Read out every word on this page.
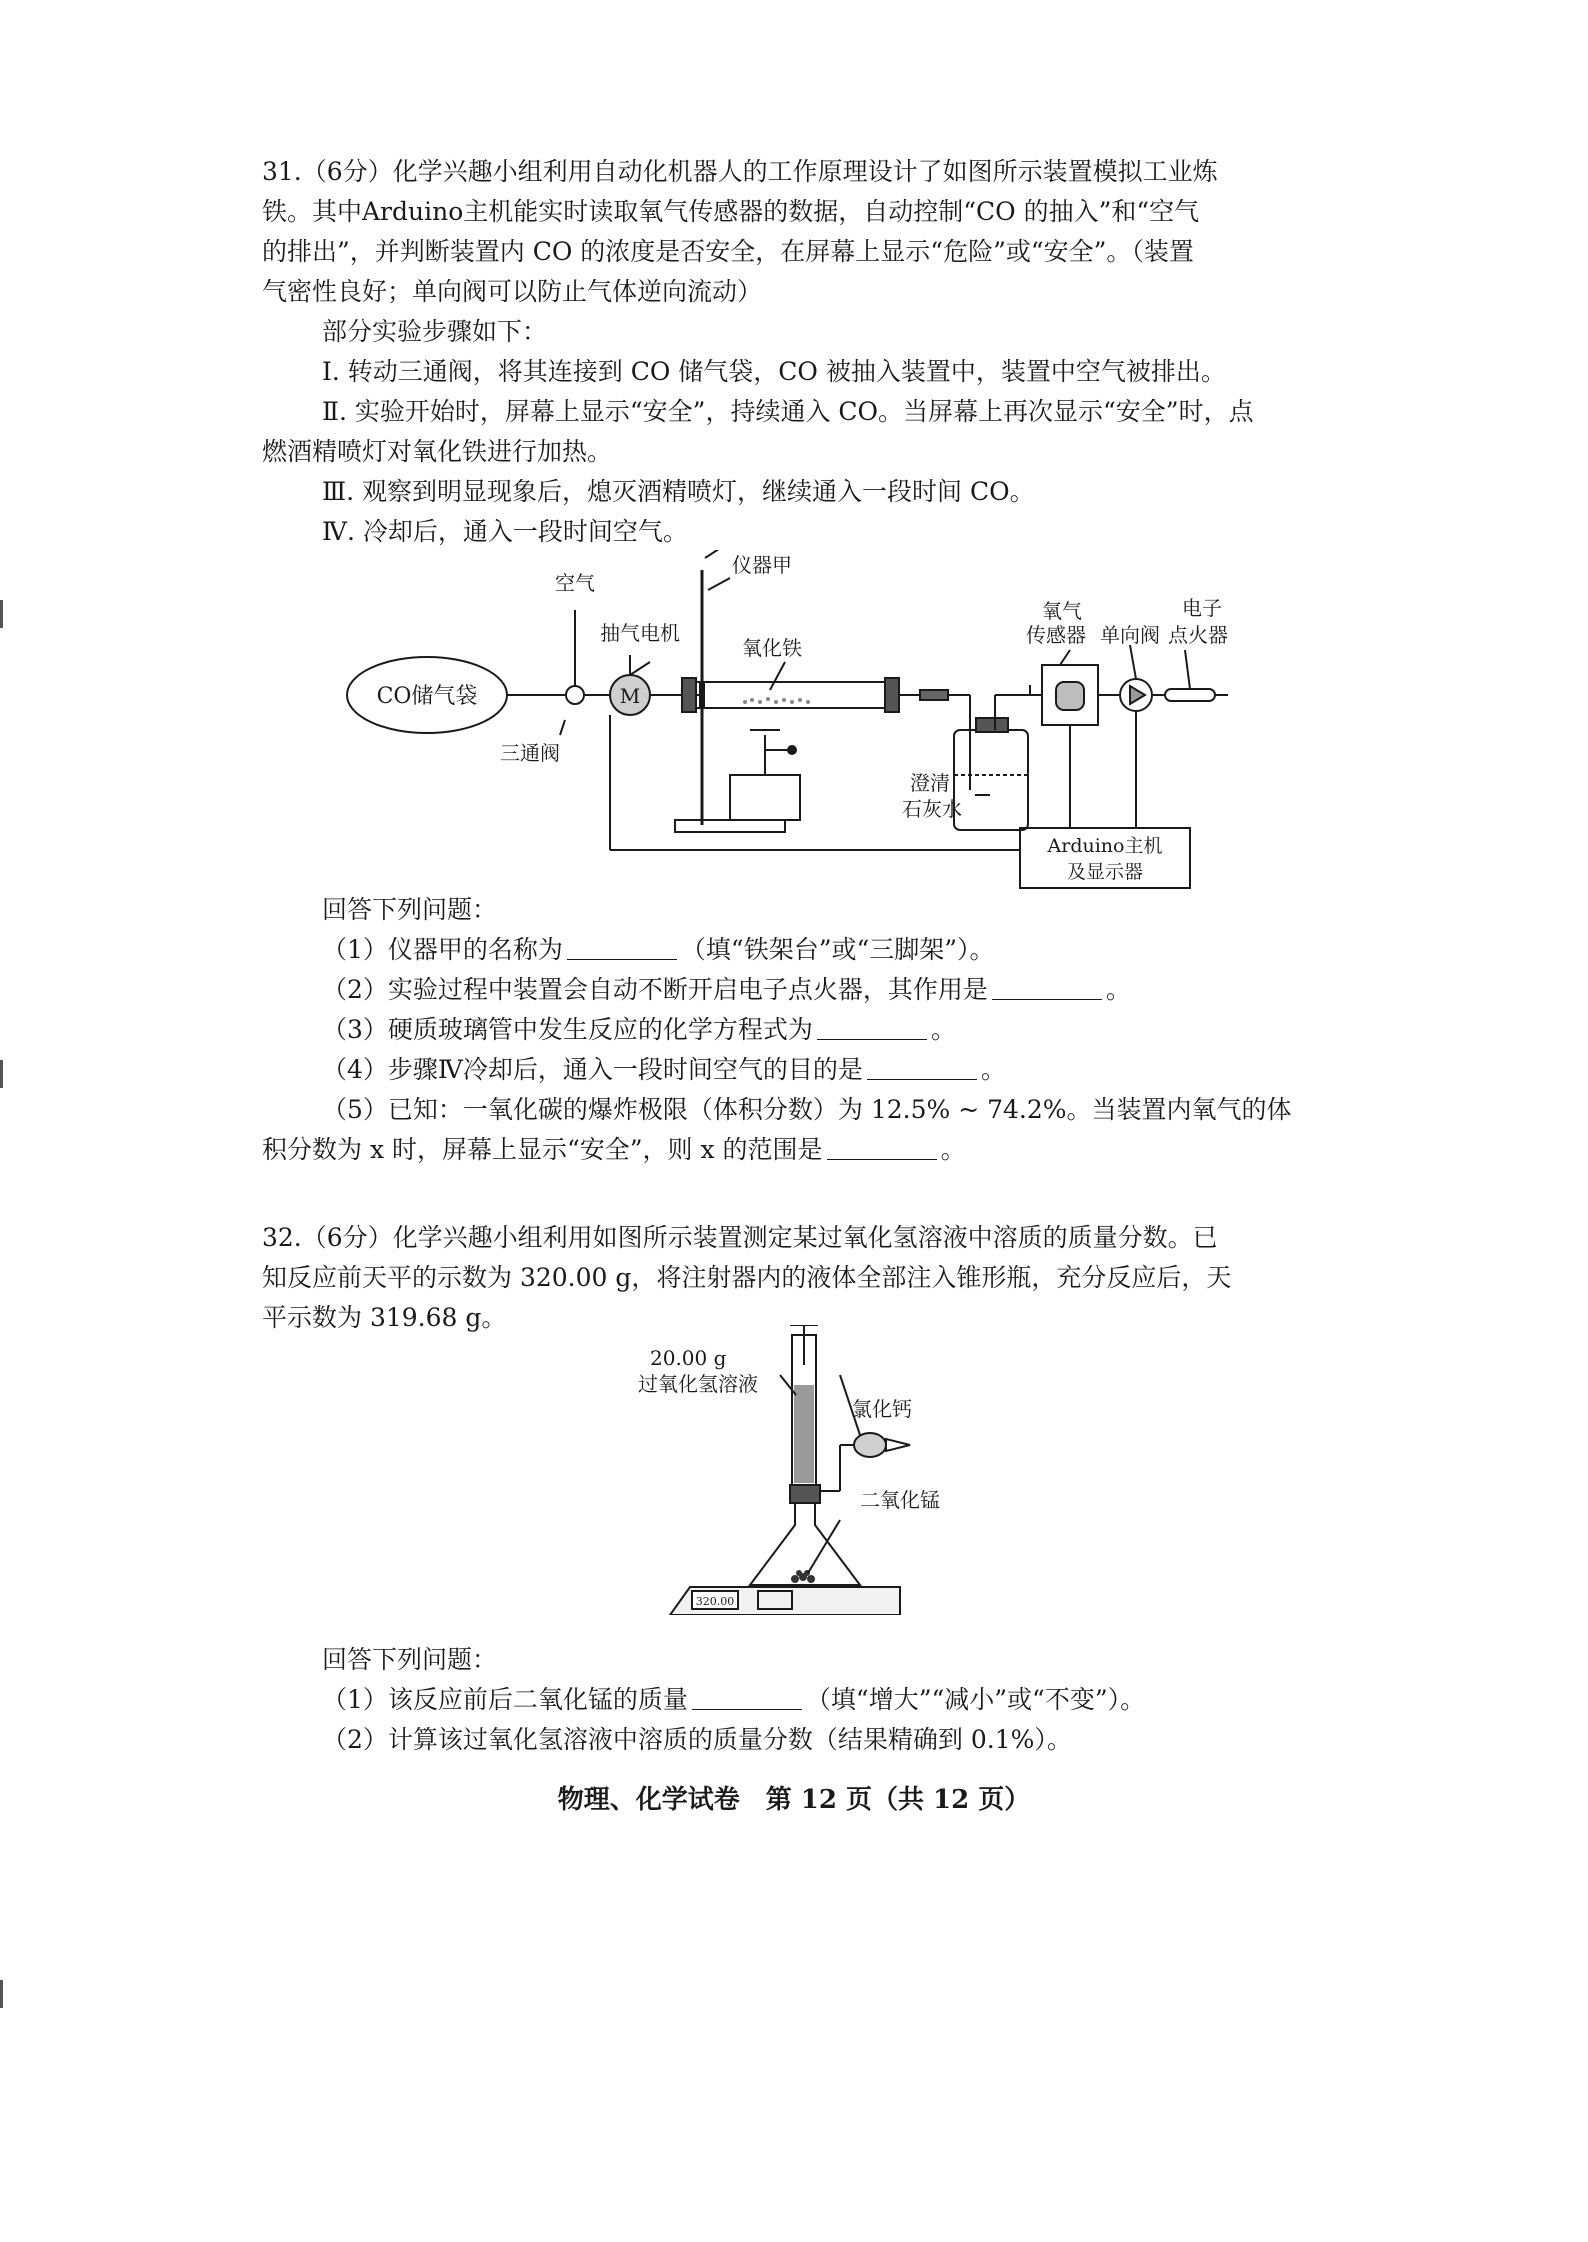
31.（6分）化学兴趣小组利用自动化机器人的工作原理设计了如图所示装置模拟工业炼
铁。其中Arduino主机能实时读取氧气传感器的数据，自动控制“CO 的抽入”和“空气
的排出”，并判断装置内 CO 的浓度是否安全，在屏幕上显示“危险”或“安全”。（装置
气密性良好；单向阀可以防止气体逆向流动）
部分实验步骤如下：
Ⅰ. 转动三通阀，将其连接到 CO 储气袋，CO 被抽入装置中，装置中空气被排出。
Ⅱ. 实验开始时，屏幕上显示“安全”，持续通入 CO。当屏幕上再次显示“安全”时，点
燃酒精喷灯对氧化铁进行加热。
Ⅲ. 观察到明显现象后，熄灭酒精喷灯，继续通入一段时间 CO。
Ⅳ. 冷却后，通入一段时间空气。
CO储气袋
空气
三通阀
抽气电机
M
仪器甲
氧化铁
澄清
石灰水
氧气
传感器 单向阀
电子
点火器
Arduino主机
及显示器
回答下列问题：
（1）仪器甲的名称为	（填“铁架台”或“三脚架”）。
（2）实验过程中装置会自动不断开启电子点火器，其作用是	。
（3）硬质玻璃管中发生反应的化学方程式为	。
（4）步骤Ⅳ冷却后，通入一段时间空气的目的是	。
（5）已知：一氧化碳的爆炸极限（体积分数）为 12.5% ~ 74.2%。当装置内氧气的体
积分数为 x 时，屏幕上显示“安全”，则 x 的范围是	。
32.（6分）化学兴趣小组利用如图所示装置测定某过氧化氢溶液中溶质的质量分数。已
知反应前天平的示数为 320.00 g，将注射器内的液体全部注入锥形瓶，充分反应后，天
平示数为 319.68 g。
320.00
20.00 g
过氧化氢溶液
氯化钙
二氧化锰
回答下列问题：
（1）该反应前后二氧化锰的质量	（填“增大”“减小”或“不变”）。
（2）计算该过氧化氢溶液中溶质的质量分数（结果精确到 0.1%）。
物理、化学试卷　第 12 页（共 12 页）
